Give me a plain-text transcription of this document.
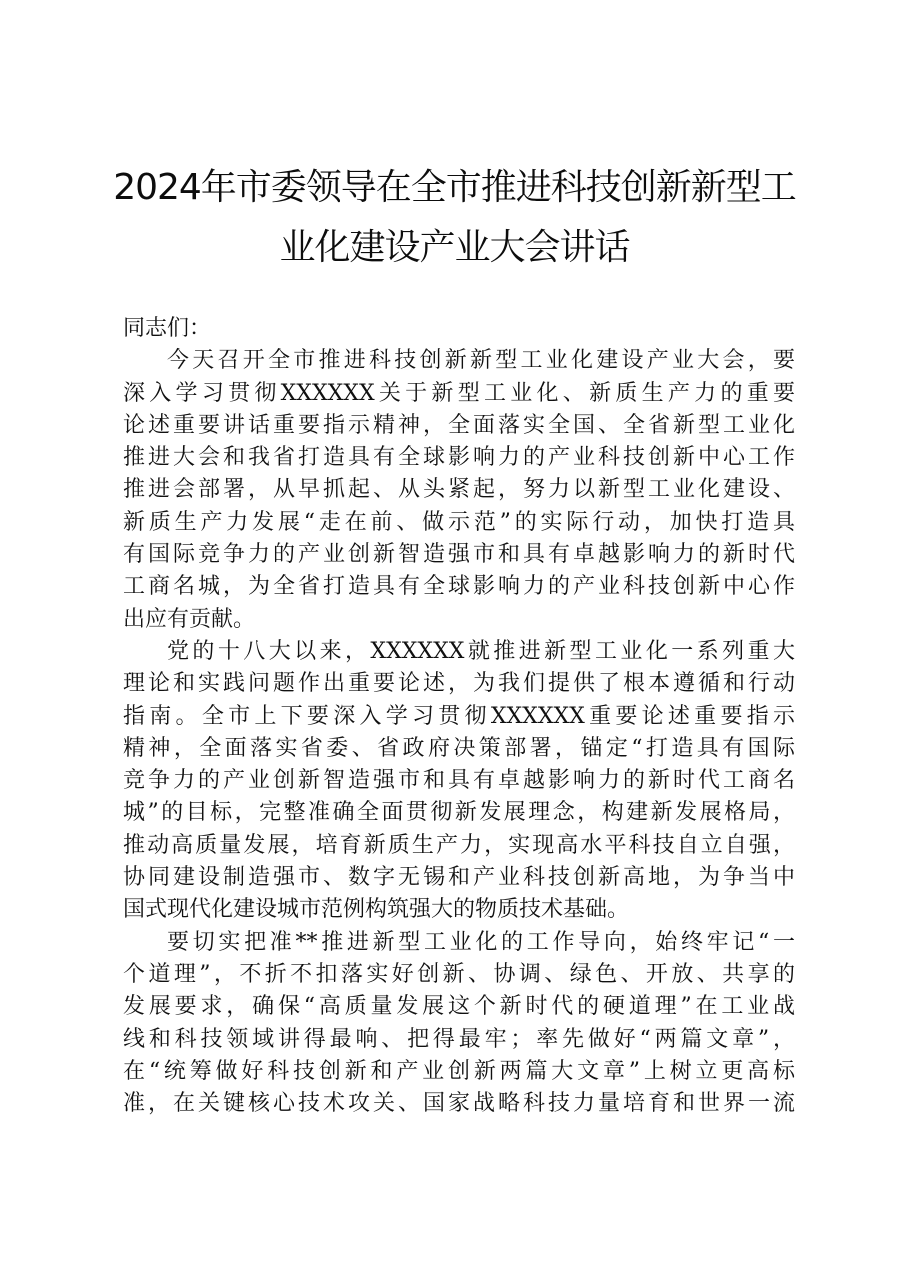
2024年市委领导在全市推进科技创新新型工
业化建设产业大会讲话
同志们：
今天召开全市推进科技创新新型工业化建设产业大会，要
深入学习贯彻XXXXXX关于新型工业化、新质生产力的重要
论述重要讲话重要指示精神，全面落实全国、全省新型工业化
推进大会和我省打造具有全球影响力的产业科技创新中心工作
推进会部署，从早抓起、从头紧起，努力以新型工业化建设、
新质生产力发展“走在前、做示范”的实际行动，加快打造具
有国际竞争力的产业创新智造强市和具有卓越影响力的新时代
工商名城，为全省打造具有全球影响力的产业科技创新中心作
出应有贡献。
党的十八大以来，XXXXXX就推进新型工业化一系列重大
理论和实践问题作出重要论述，为我们提供了根本遵循和行动
指南。全市上下要深入学习贯彻XXXXXX重要论述重要指示
精神，全面落实省委、省政府决策部署，锚定“打造具有国际
竞争力的产业创新智造强市和具有卓越影响力的新时代工商名
城”的目标，完整准确全面贯彻新发展理念，构建新发展格局，
推动高质量发展，培育新质生产力，实现高水平科技自立自强，
协同建设制造强市、数字无锡和产业科技创新高地，为争当中
国式现代化建设城市范例构筑强大的物质技术基础。
要切实把准**推进新型工业化的工作导向，始终牢记“一
个道理”，不折不扣落实好创新、协调、绿色、开放、共享的
发展要求，确保“高质量发展这个新时代的硬道理”在工业战
线和科技领域讲得最响、把得最牢；率先做好“两篇文章”，
在“统筹做好科技创新和产业创新两篇大文章”上树立更高标
准，在关键核心技术攻关、国家战略科技力量培育和世界一流
